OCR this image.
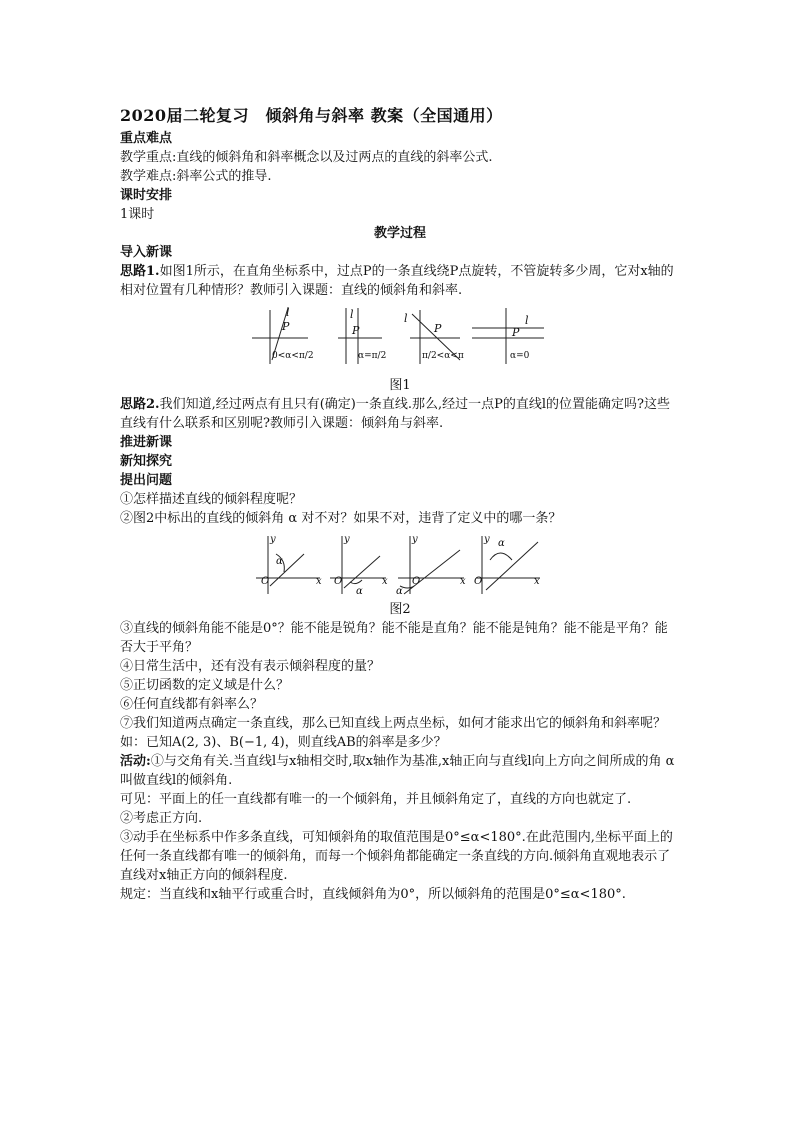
2020届二轮复习　倾斜角与斜率 教案（全国通用）

重点难点

教学重点:直线的倾斜角和斜率概念以及过两点的直线的斜率公式.

教学难点:斜率公式的推导.

课时安排

1课时

教学过程

导入新课

思路1.如图1所示，在直角坐标系中，过点P的一条直线绕P点旋转，不管旋转多少周，它对x轴的相对位置有几种情形？教师引入课题：直线的倾斜角和斜率.

l
P
l
P
l
P
l
P
0<α<π/2	α=π/2	π/2<α<π	α=0

图1

思路2.我们知道,经过两点有且只有(确定)一条直线.那么,经过一点P的直线l的位置能确定吗?这些直线有什么联系和区别呢?教师引入课题：倾斜角与斜率.

推进新课

新知探究

提出问题

①怎样描述直线的倾斜程度呢？

②图2中标出的直线的倾斜角 α 对不对？如果不对，违背了定义中的哪一条？

O	x
y
α
O	x
y
α
O	x
y
α
O	x
y α

图2

③直线的倾斜角能不能是0°？能不能是锐角？能不能是直角？能不能是钝角？能不能是平角？能否大于平角？

④日常生活中，还有没有表示倾斜程度的量？

⑤正切函数的定义域是什么？

⑥任何直线都有斜率么？

⑦我们知道两点确定一条直线，那么已知直线上两点坐标，如何才能求出它的倾斜角和斜率呢？如：已知A(2, 3)、B(−1, 4)，则直线AB的斜率是多少？

活动:①与交角有关.当直线l与x轴相交时,取x轴作为基准,x轴正向与直线l向上方向之间所成的角 α 叫做直线l的倾斜角.

可见：平面上的任一直线都有唯一的一个倾斜角，并且倾斜角定了，直线的方向也就定了.

②考虑正方向.

③动手在坐标系中作多条直线，可知倾斜角的取值范围是0°≤α<180°.在此范围内,坐标平面上的任何一条直线都有唯一的倾斜角，而每一个倾斜角都能确定一条直线的方向.倾斜角直观地表示了直线对x轴正方向的倾斜程度.

规定：当直线和x轴平行或重合时，直线倾斜角为0°，所以倾斜角的范围是0°≤α<180°.
